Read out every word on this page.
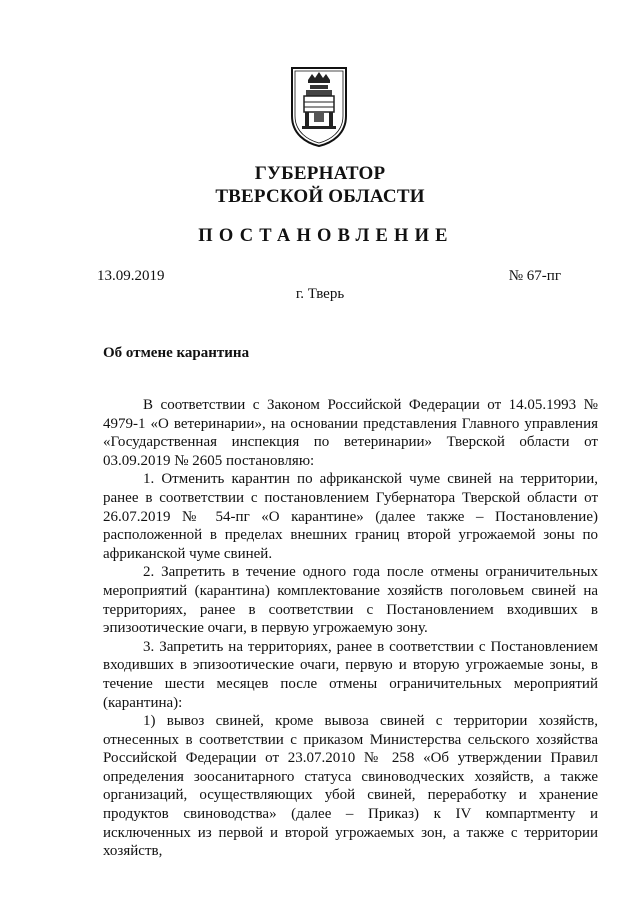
ГУБЕРНАТОР
ТВЕРСКОЙ ОБЛАСТИ
ПОСТАНОВЛЕНИЕ
13.09.2019	№ 67-пг
г. Тверь
Об отмене карантина

В соответствии с Законом Российской Федерации от 14.05.1993 № 4979-1 «О ветеринарии», на основании представления Главного управления «Государственная инспекция по ветеринарии» Тверской области от 03.09.2019 № 2605 постановляю:

1. Отменить карантин по африканской чуме свиней на территории, ранее в соответствии с постановлением Губернатора Тверской области от 26.07.2019 № 54-пг «О карантине» (далее также – Постановление) расположенной в пределах внешних границ второй угрожаемой зоны по африканской чуме свиней.

2. Запретить в течение одного года после отмены ограничительных мероприятий (карантина) комплектование хозяйств поголовьем свиней на территориях, ранее в соответствии с Постановлением входивших в эпизоотические очаги, в первую угрожаемую зону.

3. Запретить на территориях, ранее в соответствии с Постановлением входивших в эпизоотические очаги, первую и вторую угрожаемые зоны, в течение шести месяцев после отмены ограничительных мероприятий (карантина):

1) вывоз свиней, кроме вывоза свиней с территории хозяйств, отнесенных в соответствии с приказом Министерства сельского хозяйства Российской Федерации от 23.07.2010 № 258 «Об утверждении Правил определения зоосанитарного статуса свиноводческих хозяйств, а также организаций, осуществляющих убой свиней, переработку и хранение продуктов свиноводства» (далее – Приказ) к IV компартменту и исключенных из первой и второй угрожаемых зон, а также с территории хозяйств,
